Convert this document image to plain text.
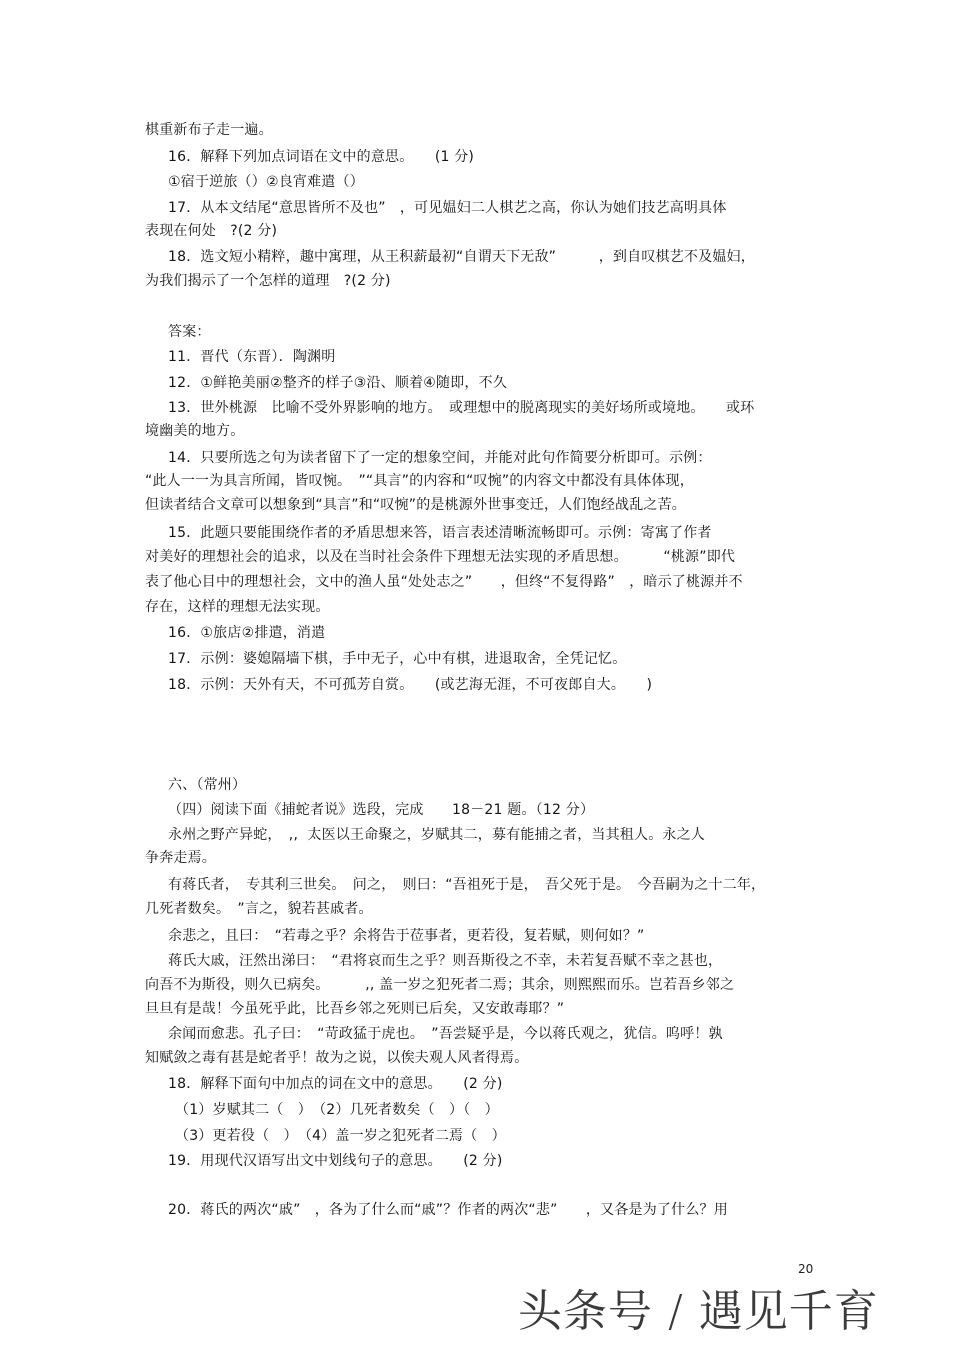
棋重新布子走一遍。
16．解释下列加点词语在文中的意思。　　(1 分)
①宿于逆旅（）②良宵难遣（）
17．从本文结尾“意思皆所不及也”　，可见媪妇二人棋艺之高，你认为她们技艺高明具体
表现在何处　?(2 分)
18．选文短小精粹，趣中寓理，从王积薪最初“自谓天下无敌”　　　，到自叹棋艺不及媪妇，
为我们揭示了一个怎样的道理　?(2 分)
答案：
11．晋代（东晋）．陶渊明
12．①鲜艳美丽②整齐的样子③沿、顺着④随即，不久
13．世外桃源　比喻不受外界影响的地方。　或理想中的脱离现实的美好场所或境地。　　或环
境幽美的地方。
14．只要所选之句为读者留下了一定的想象空间，并能对此句作简要分析即可。示例：
“此人一一为具言所闻，皆叹惋。　”“具言”的内容和“叹惋”的内容文中都没有具体体现，
但读者结合文章可以想象到“具言”和“叹惋”的是桃源外世事变迁，人们饱经战乱之苦。
15．此题只要能围绕作者的矛盾思想来答，语言表述清晰流畅即可。示例：寄寓了作者
对美好的理想社会的追求，以及在当时社会条件下理想无法实现的矛盾思想。　　　“桃源”即代
表了他心目中的理想社会，文中的渔人虽“处处志之”　　，但终“不复得路”　，暗示了桃源并不
存在，这样的理想无法实现。
16．①旅店②排遣，消遣
17．示例：婆媳隔墙下棋，手中无子，心中有棋，进退取舍，全凭记忆。
18．示例：天外有天，不可孤芳自赏。　　(或艺海无涯，不可夜郎自大。　　)
六、（常州）
（四）阅读下面《捕蛇者说》选段，完成　　18－21 题。（12 分）
永州之野产异蛇，　,,  太医以王命聚之，岁赋其二，募有能捕之者，当其租人。永之人
争奔走焉。
有蒋氏者，　专其利三世矣。　问之，　则曰：“吾祖死于是，　吾父死于是。　今吾嗣为之十二年，
几死者数矣。　”言之，貌若甚戚者。
余悲之，且曰：　“若毒之乎？余将告于莅事者，更若役，复若赋，则何如？”
蒋氏大戚，汪然出涕曰：　“君将哀而生之乎？则吾斯役之不幸，未若复吾赋不幸之甚也，
向吾不为斯役，则久已病矣。　　　,, 盖一岁之犯死者二焉；其余，则熙熙而乐。岂若吾乡邻之
旦旦有是哉！今虽死乎此，比吾乡邻之死则已后矣，又安敢毒耶？”
余闻而愈悲。孔子曰：　“苛政猛于虎也。　”吾尝疑乎是，今以蒋氏观之，犹信。呜呼！孰
知赋敛之毒有甚是蛇者乎！故为之说，以俟夫观人风者得焉。
18．解释下面句中加点的词在文中的意思。　　(2 分)
（1）岁赋其二（　）　（2）几死者数矣（　）（　）
（3）更若役（　）　（4）盖一岁之犯死者二焉（　）
19．用现代汉语写出文中划线句子的意思。　　(2 分)
20．蒋氏的两次“戚”　，各为了什么而“戚”？作者的两次“悲”　　，又各是为了什么？用
20
头条号 / 遇见千育
